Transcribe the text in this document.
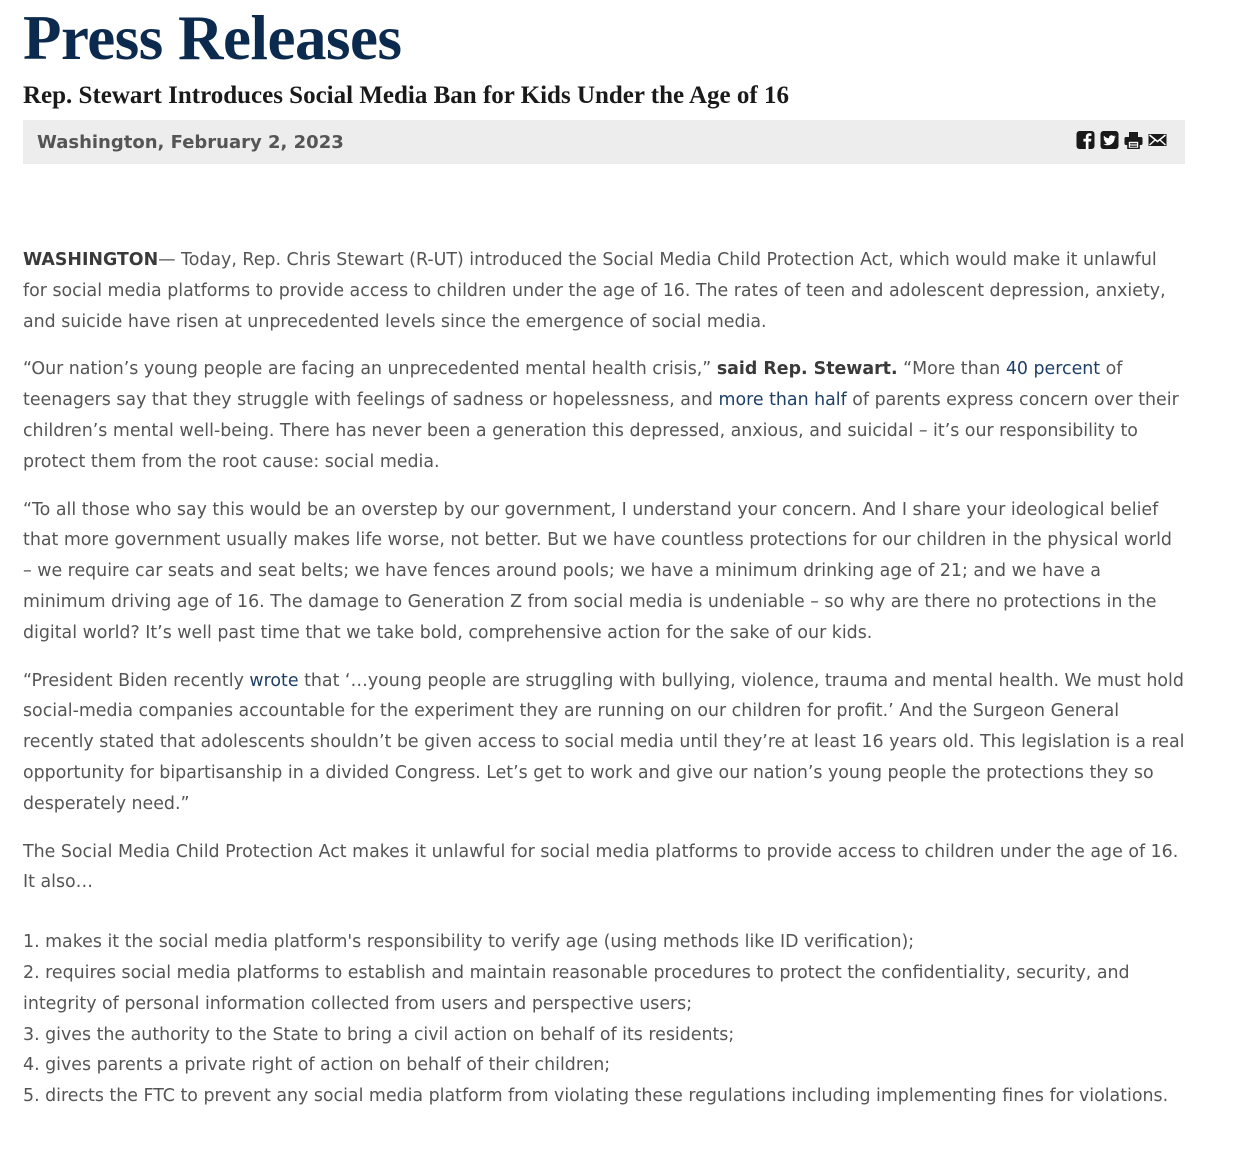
Press Releases
Rep. Stewart Introduces Social Media Ban for Kids Under the Age of 16
Washington, February 2, 2023

WASHINGTON— Today, Rep. Chris Stewart (R-UT) introduced the Social Media Child Protection Act, which would make it unlawful for social media platforms to provide access to children under the age of 16. The rates of teen and adolescent depression, anxiety, and suicide have risen at unprecedented levels since the emergence of social media.

“Our nation’s young people are facing an unprecedented mental health crisis,” said Rep. Stewart. “More than 40 percent of teenagers say that they struggle with feelings of sadness or hopelessness, and more than half of parents express concern over their children’s mental well-being. There has never been a generation this depressed, anxious, and suicidal – it’s our responsibility to protect them from the root cause: social media.

“To all those who say this would be an overstep by our government, I understand your concern. And I share your ideological belief that more government usually makes life worse, not better. But we have countless protections for our children in the physical world – we require car seats and seat belts; we have fences around pools; we have a minimum drinking age of 21; and we have a minimum driving age of 16. The damage to Generation Z from social media is undeniable – so why are there no protections in the digital world? It’s well past time that we take bold, comprehensive action for the sake of our kids.

“President Biden recently wrote that ‘…young people are struggling with bullying, violence, trauma and mental health. We must hold social-media companies accountable for the experiment they are running on our children for profit.’ And the Surgeon General recently stated that adolescents shouldn’t be given access to social media until they’re at least 16 years old. This legislation is a real opportunity for bipartisanship in a divided Congress. Let’s get to work and give our nation’s young people the protections they so desperately need.”

The Social Media Child Protection Act makes it unlawful for social media platforms to provide access to children under the age of 16. It also…

1. makes it the social media platform's responsibility to verify age (using methods like ID verification);
2. requires social media platforms to establish and maintain reasonable procedures to protect the confidentiality, security, and integrity of personal information collected from users and perspective users;
3. gives the authority to the State to bring a civil action on behalf of its residents;
4. gives parents a private right of action on behalf of their children;
5. directs the FTC to prevent any social media platform from violating these regulations including implementing fines for violations.
